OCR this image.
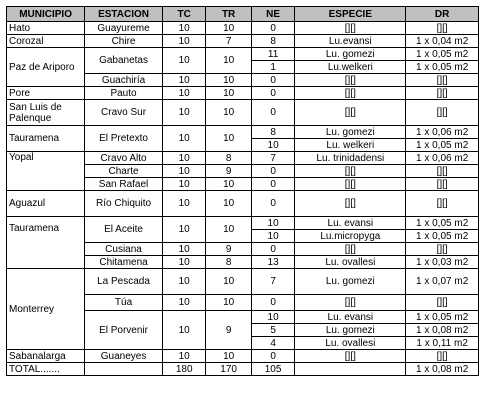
MUNICIPIO	ESTACION	TC	TR	NE	ESPECIE	DR
Hato	Guayureme	10	10	0	[][]	[][]
Corozal	Chire	10	7	8	Lu.evansi	1 x 0,04 m2
Paz de Ariporo	Gabanetas	10	10	11	Lu. gomezi	1 x 0,05 m2
				1	Lu.welkeri	1 x 0,05 m2
	Guachiría	10	10	0	[][]	[][]
Pore	Pauto	10	10	0	[][]	[][]
San Luis de Palenque	Cravo Sur	10	10	0	[][]	[][]
Tauramena	El Pretexto	10	10	8	Lu. gomezi	1 x 0,06 m2
				10	Lu. welkeri	1 x 0,05 m2
Yopal	Cravo Alto	10	8	7	Lu. trinidadensi	1 x 0,06 m2
	Charte	10	9	0	[][]	[][]
	San Rafael	10	10	0	[][]	[][]
Aguazul	Río Chiquito	10	10	0	[][]	[][]
Tauramena	El Aceite	10	10	10	Lu. evansi	1 x 0,05 m2
				10	Lu.micropyga	1 x 0,05 m2
	Cusiana	10	9	0	[][]	[][]
	Chitamena	10	8	13	Lu. ovallesi	1 x 0,03 m2
Monterrey	La Pescada	10	10	7	Lu. gomezi	1 x 0,07 m2
	Túa	10	10	0	[][]	[][]
	El Porvenir	10	9	10	Lu. evansi	1 x 0,05 m2
				5	Lu. gomezi	1 x 0,08 m2
				4	Lu. ovallesi	1 x 0,11 m2
Sabanalarga	Guaneyes	10	10	0	[][]	[][]
TOTAL.......		180	170	105		1 x 0,08 m2
